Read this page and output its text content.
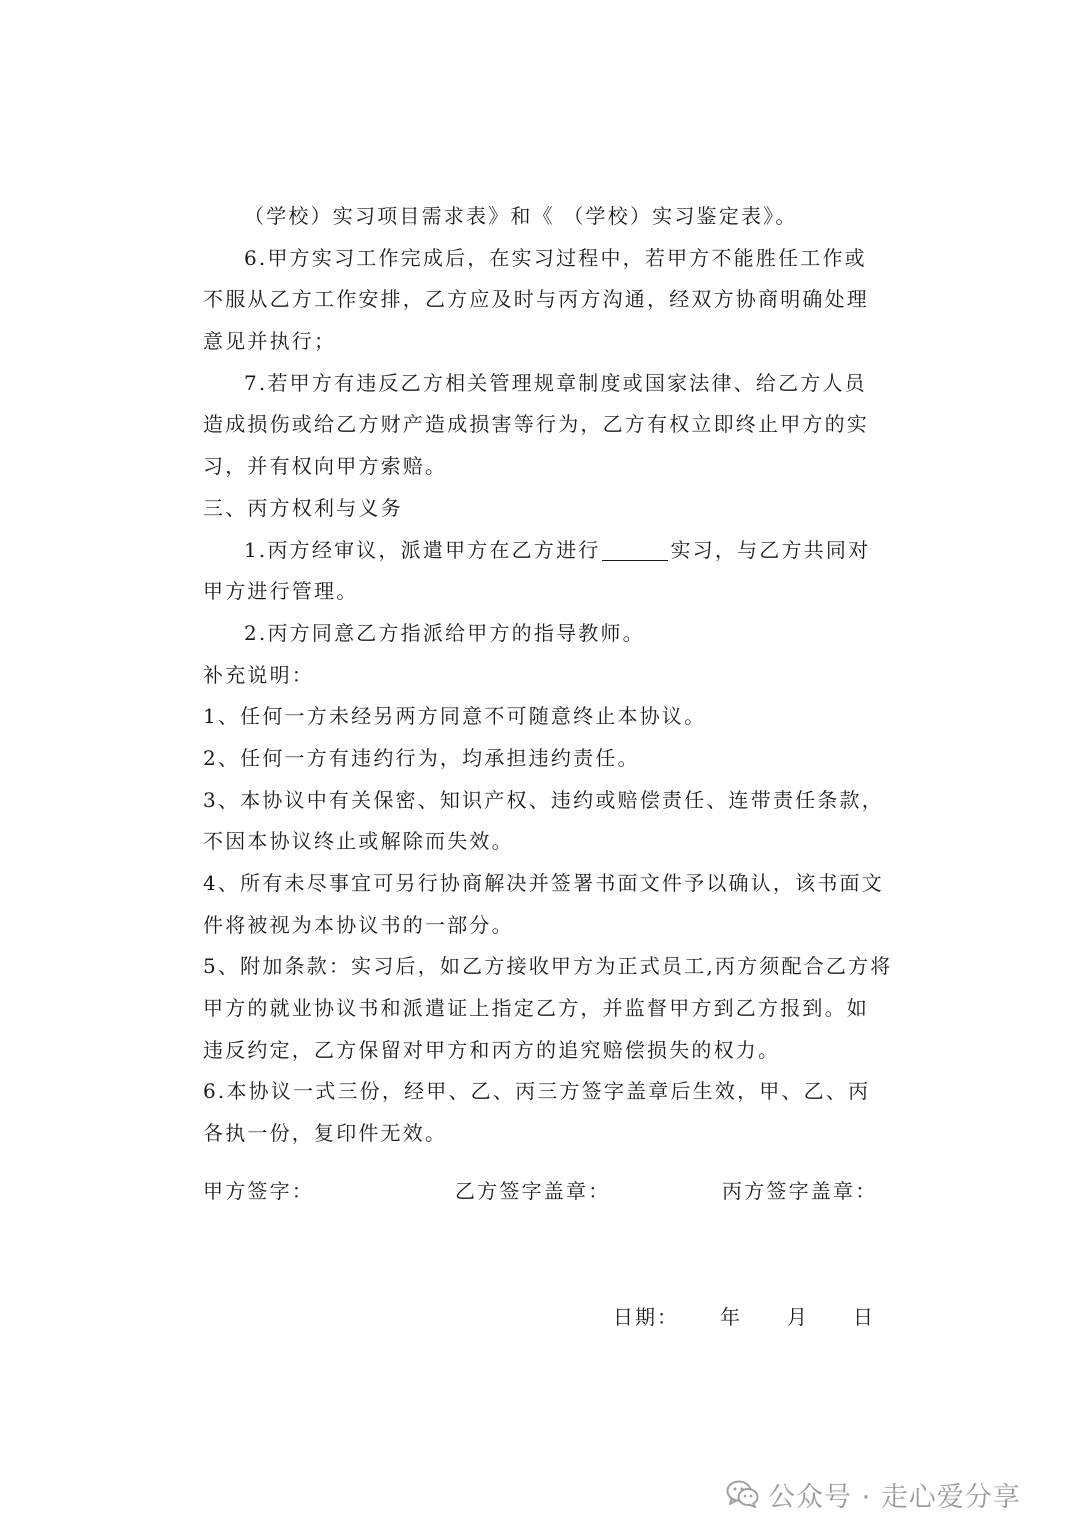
（学校）实习项目需求表》和《 （学校）实习鉴定表》。
6.甲方实习工作完成后，在实习过程中，若甲方不能胜任工作或
不服从乙方工作安排，乙方应及时与丙方沟通，经双方协商明确处理
意见并执行；
7.若甲方有违反乙方相关管理规章制度或国家法律、给乙方人员
造成损伤或给乙方财产造成损害等行为，乙方有权立即终止甲方的实
习，并有权向甲方索赔。
三、丙方权利与义务
1.丙方经审议，派遣甲方在乙方进行	实习，与乙方共同对
甲方进行管理。
2.丙方同意乙方指派给甲方的指导教师。
补充说明：
1、任何一方未经另两方同意不可随意终止本协议。
2、任何一方有违约行为，均承担违约责任。
3、本协议中有关保密、知识产权、违约或赔偿责任、连带责任条款，
不因本协议终止或解除而失效。
4、所有未尽事宜可另行协商解决并签署书面文件予以确认，该书面文
件将被视为本协议书的一部分。
5、附加条款：实习后，如乙方接收甲方为正式员工,丙方须配合乙方将
甲方的就业协议书和派遣证上指定乙方，并监督甲方到乙方报到。如
违反约定，乙方保留对甲方和丙方的追究赔偿损失的权力。
6.本协议一式三份，经甲、乙、丙三方签字盖章后生效，甲、乙、丙
各执一份，复印件无效。
甲方签字：	乙方签字盖章：	丙方签字盖章：
日期： 年 月 日
公众号 · 走心爱分享
